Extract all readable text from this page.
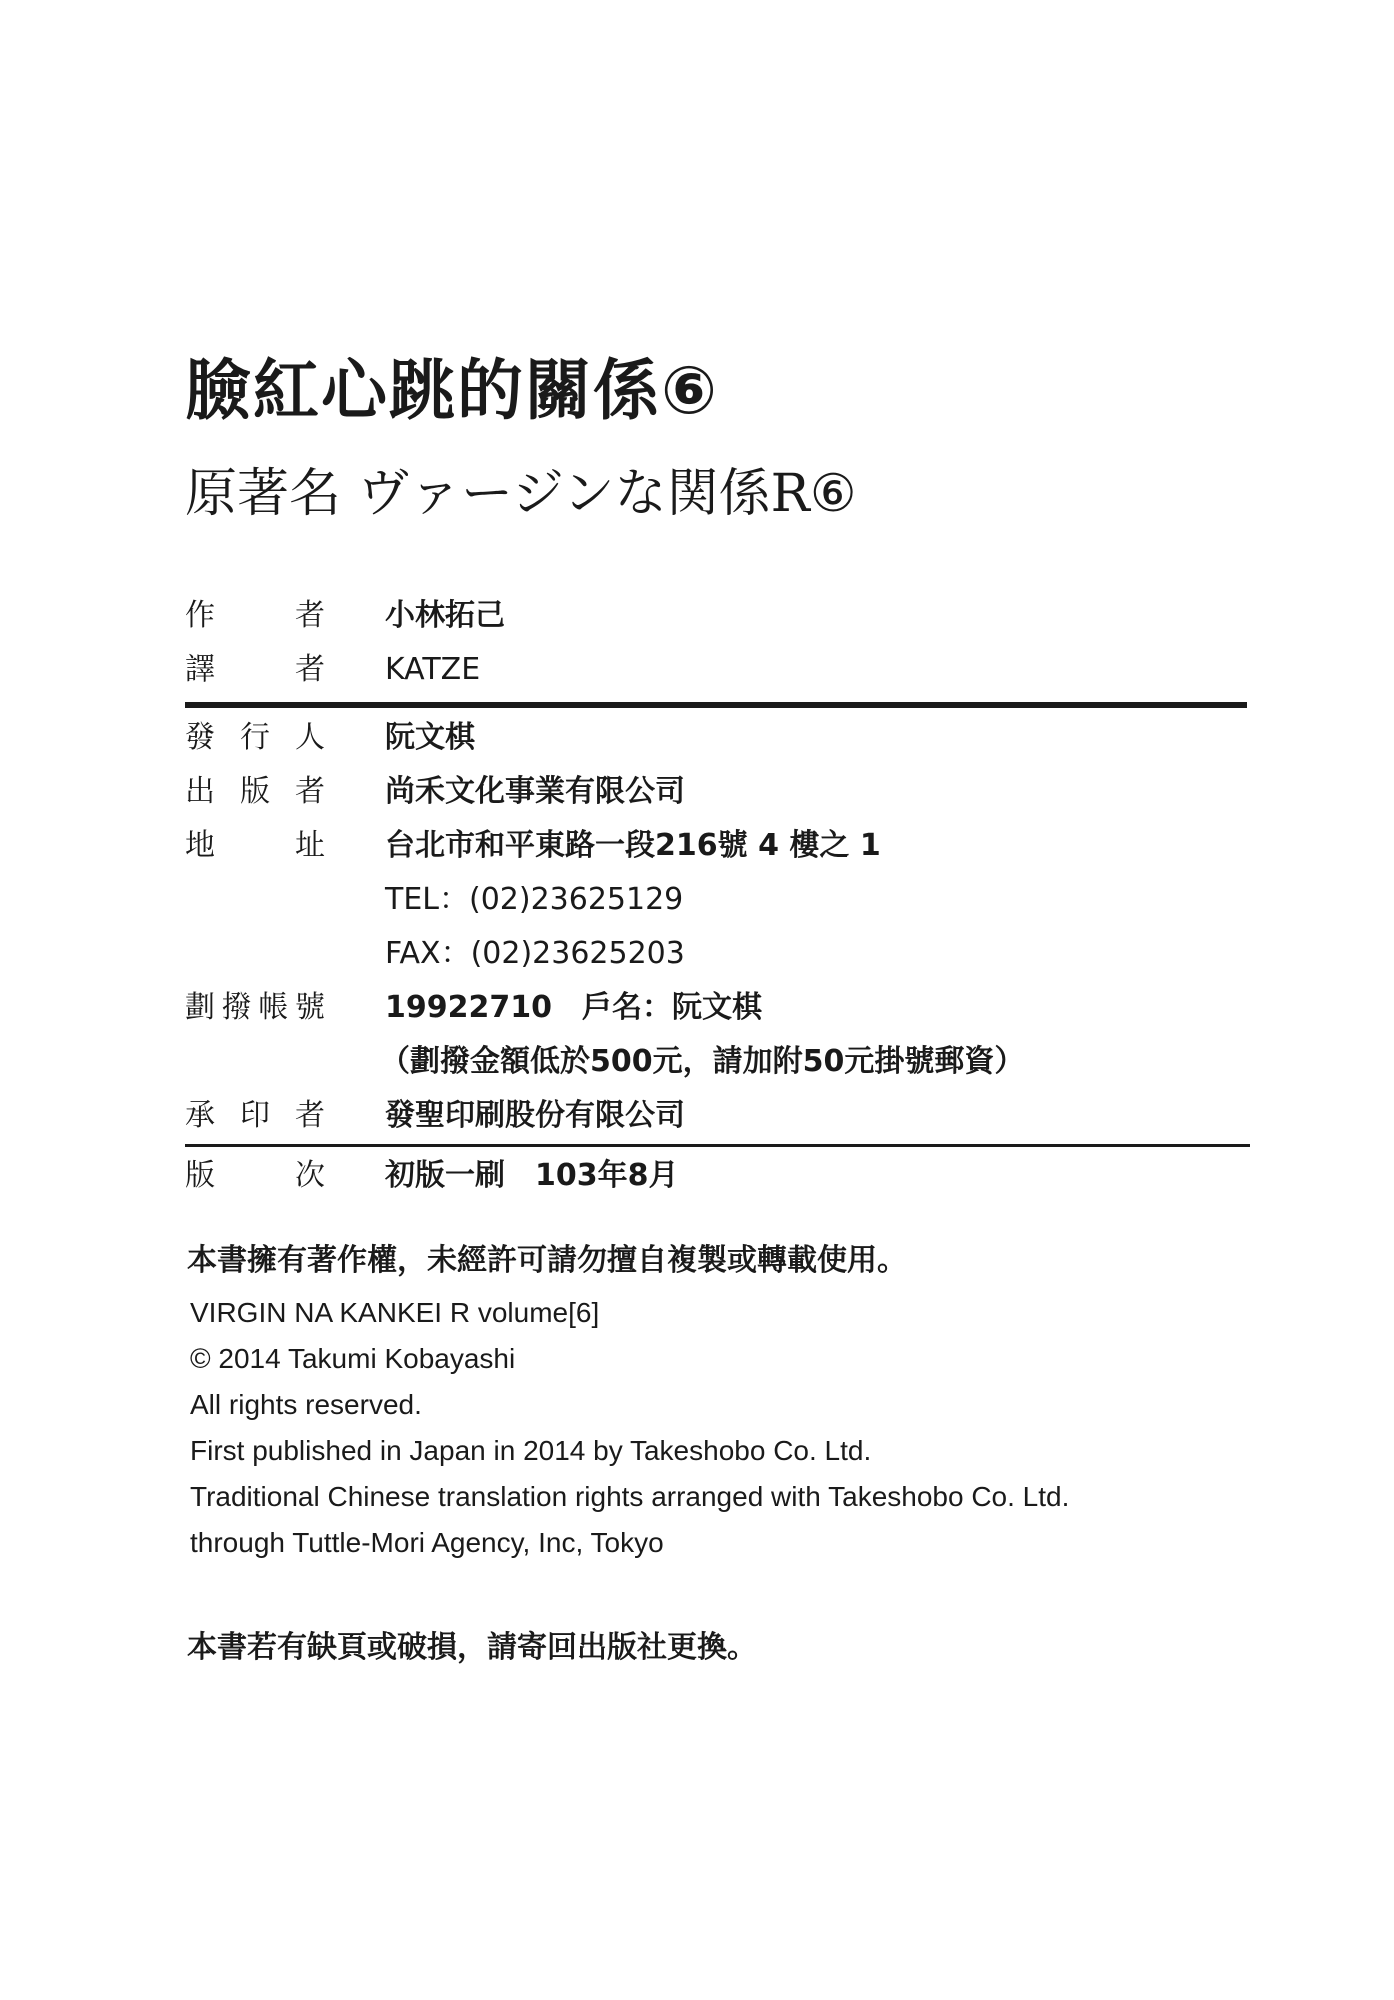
臉紅心跳的關係⑥
原著名 ヴァージンな関係R⑥
作　者 小林拓己
譯　者 KATZE
發行人 阮文棋
出版者 尚禾文化事業有限公司
地　址 台北市和平東路一段216號 4 樓之 1
TEL：(02)23625129
FAX：(02)23625203
劃撥帳號 19922710　戶名：阮文棋
（劃撥金額低於500元，請加附50元掛號郵資）
承印者 發聖印刷股份有限公司
版　次 初版一刷　103年8月
本書擁有著作權，未經許可請勿擅自複製或轉載使用。
VIRGIN NA KANKEI R volume[6]
© 2014 Takumi Kobayashi
All rights reserved.
First published in Japan in 2014 by Takeshobo Co. Ltd.
Traditional Chinese translation rights arranged with Takeshobo Co. Ltd.
through Tuttle-Mori Agency, Inc, Tokyo
本書若有缺頁或破損，請寄回出版社更換。
